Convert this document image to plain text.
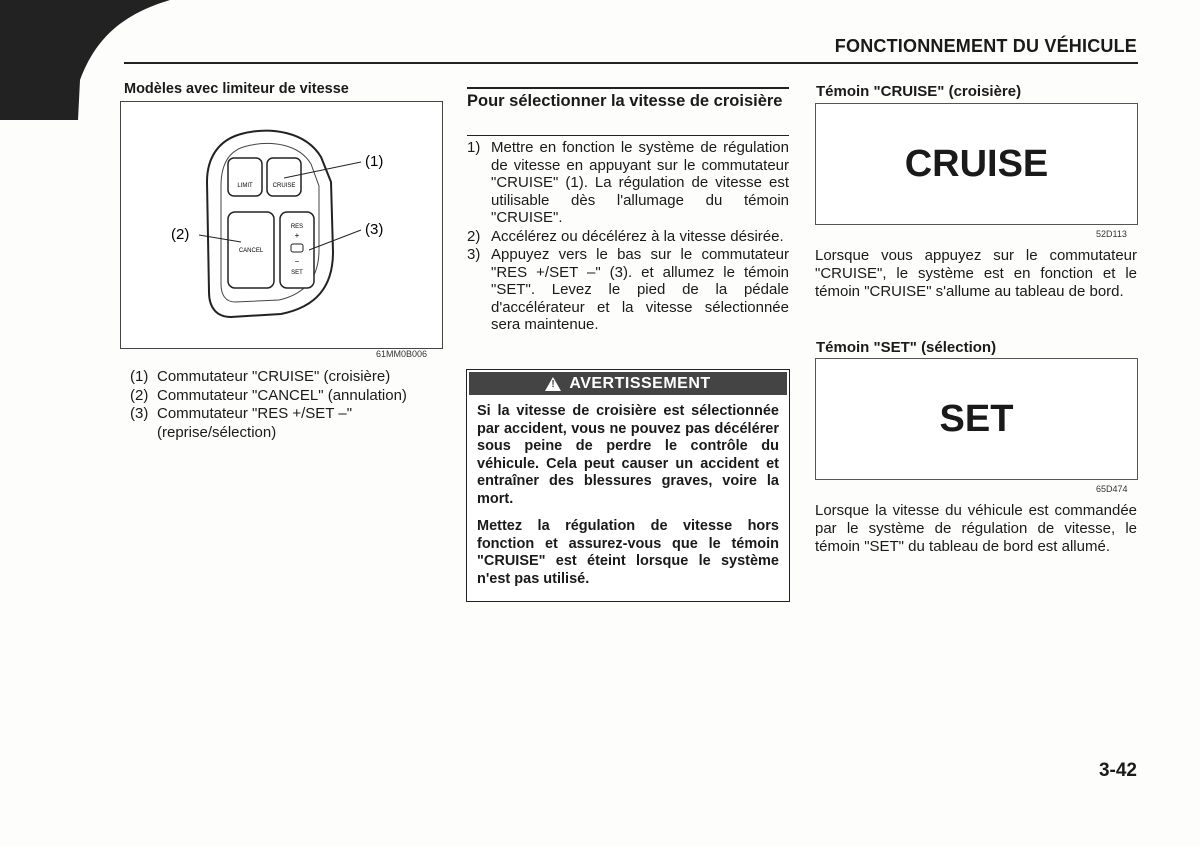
FONCTIONNEMENT DU VÉHICULE
Modèles avec limiteur de vitesse
LIMIT	CRUISE
CANCEL
RES
+
−
SET
(1)
(2)	(3)
61MM0B006
(1) Commutateur "CRUISE" (croisière)
(2) Commutateur "CANCEL" (annulation)
(3) Commutateur "RES +/SET –" (reprise/sélection)
Pour sélectionner la vitesse de croisière
1) Mettre en fonction le système de régulation de vitesse en appuyant sur le commutateur "CRUISE" (1). La régulation de vitesse est utilisable dès l'allumage du témoin "CRUISE".
2) Accélérez ou décélérez à la vitesse désirée.
3) Appuyez vers le bas sur le commutateur "RES +/SET –" (3). et allumez le témoin "SET". Levez le pied de la pédale d'accélérateur et la vitesse sélectionnée sera maintenue.
! AVERTISSEMENT

Si la vitesse de croisière est sélectionnée par accident, vous ne pouvez pas décélérer sous peine de perdre le contrôle du véhicule. Cela peut causer un accident et entraîner des blessures graves, voire la mort.

Mettez la régulation de vitesse hors fonction et assurez-vous que le témoin "CRUISE" est éteint lorsque le système n'est pas utilisé.

Témoin "CRUISE" (croisière)
CRUISE
52D113
Lorsque vous appuyez sur le commutateur "CRUISE", le système est en fonction et le témoin "CRUISE" s'allume au tableau de bord.
Témoin "SET" (sélection)
SET
65D474
Lorsque la vitesse du véhicule est commandée par le système de régulation de vitesse, le témoin "SET" du tableau de bord est allumé.
3-42
